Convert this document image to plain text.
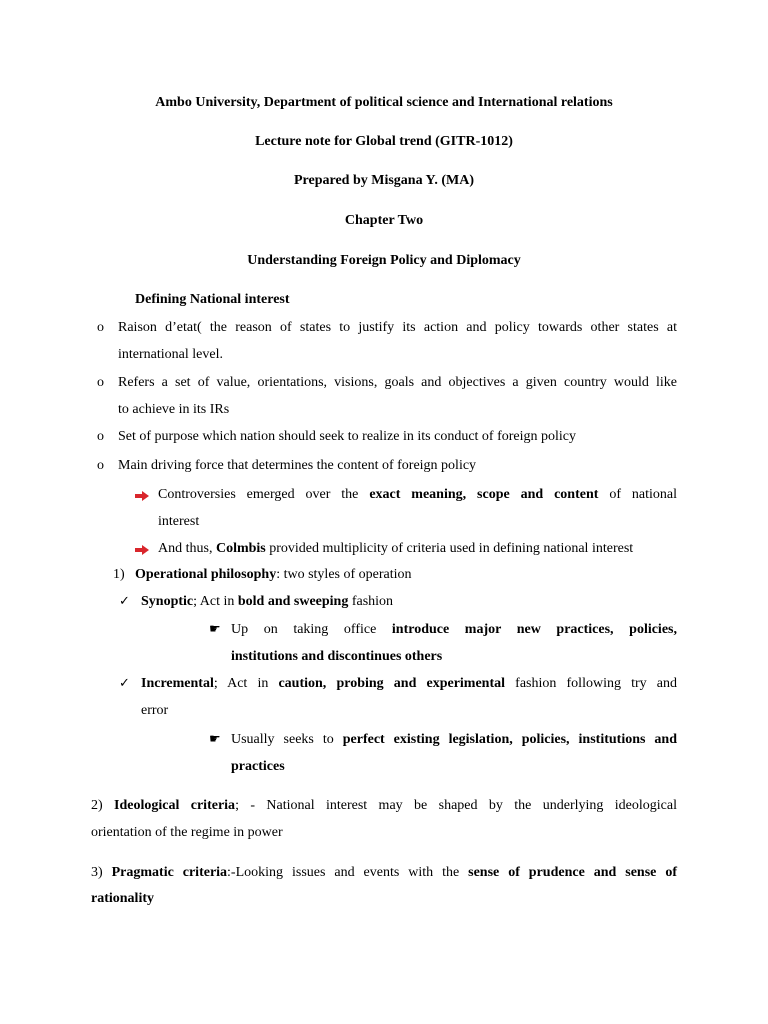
Ambo University, Department of political science and International relations
Lecture note for Global trend (GITR-1012)
Prepared by Misgana Y. (MA)
Chapter Two
Understanding Foreign Policy and Diplomacy
Defining National interest
o Raison d’etat( the reason of states to justify its action and policy towards other states at
international level.
o Refers a set of value, orientations, visions, goals and objectives a given country would like
to achieve in its IRs
o Set of purpose which nation should seek to realize in its conduct of foreign policy
o Main driving force that determines the content of foreign policy
Controversies emerged over the exact meaning, scope and content of national
interest
And thus, Colmbis provided multiplicity of criteria used in defining national interest
1) Operational philosophy: two styles of operation
✓ Synoptic; Act in bold and sweeping fashion
☛ Up on taking office introduce major new practices, policies,
institutions and discontinues others
✓ Incremental; Act in caution, probing and experimental fashion following try and
error
☛ Usually seeks to perfect existing legislation, policies, institutions and
practices
2) Ideological criteria; - National interest may be shaped by the underlying ideological
orientation of the regime in power
3) Pragmatic criteria:-Looking issues and events with the sense of prudence and sense of
rationality
